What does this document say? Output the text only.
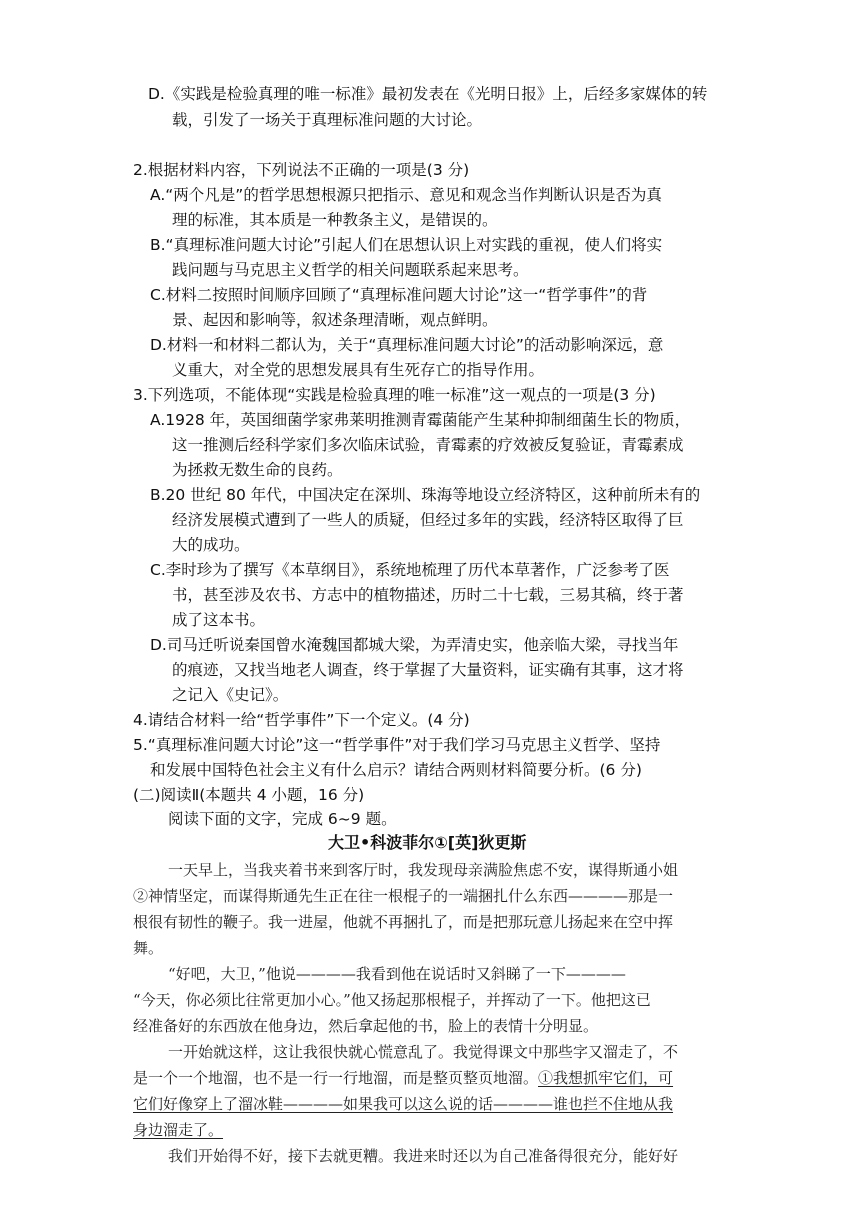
D.《实践是检验真理的唯一标准》最初发表在《光明日报》上，后经多家媒体的转
载，引发了一场关于真理标准问题的大讨论。
2.根据材料内容，下列说法不正确的一项是(3 分)
A.“两个凡是”的哲学思想根源只把指示、意见和观念当作判断认识是否为真
理的标准，其本质是一种教条主义，是错误的。
B.“真理标准问题大讨论”引起人们在思想认识上对实践的重视，使人们将实
践问题与马克思主义哲学的相关问题联系起来思考。
C.材料二按照时间顺序回顾了“真理标准问题大讨论”这一“哲学事件”的背
景、起因和影响等，叙述条理清晰，观点鲜明。
D.材料一和材料二都认为，关于“真理标准问题大讨论”的活动影响深远，意
义重大，对全党的思想发展具有生死存亡的指导作用。
3.下列选项，不能体现“实践是检验真理的唯一标准”这一观点的一项是(3 分)
A.1928 年，英国细菌学家弗莱明推测青霉菌能产生某种抑制细菌生长的物质，
这一推测后经科学家们多次临床试验，青霉素的疗效被反复验证，青霉素成
为拯救无数生命的良药。
B.20 世纪 80 年代，中国决定在深圳、珠海等地设立经济特区，这种前所未有的
经济发展模式遭到了一些人的质疑，但经过多年的实践，经济特区取得了巨
大的成功。
C.李时珍为了撰写《本草纲目》，系统地梳理了历代本草著作，广泛参考了医
书，甚至涉及农书、方志中的植物描述，历时二十七载，三易其稿，终于著
成了这本书。
D.司马迁听说秦国曾水淹魏国都城大梁，为弄清史实，他亲临大梁，寻找当年
的痕迹，又找当地老人调查，终于掌握了大量资料，证实确有其事，这才将
之记入《史记》。
4.请结合材料一给“哲学事件”下一个定义。(4 分)
5.“真理标准问题大讨论”这一“哲学事件”对于我们学习马克思主义哲学、坚持
和发展中国特色社会主义有什么启示？请结合两则材料简要分析。(6 分)
(二)阅读Ⅱ(本题共 4 小题，16 分)
阅读下面的文字，完成 6~9 题。
大卫•科波菲尔①[英]狄更斯
一天早上，当我夹着书来到客厅时，我发现母亲满脸焦虑不安，谋得斯通小姐
②神情坚定，而谋得斯通先生正在往一根棍子的一端捆扎什么东西————那是一
根很有韧性的鞭子。我一进屋，他就不再捆扎了，而是把那玩意儿扬起来在空中挥
舞。
“好吧，大卫，”他说————我看到他在说话时又斜睇了一下————
“今天，你必须比往常更加小心。”他又扬起那根棍子，并挥动了一下。他把这已
经准备好的东西放在他身边，然后拿起他的书，脸上的表情十分明显。
一开始就这样，这让我很快就心慌意乱了。我觉得课文中那些字又溜走了，不
是一个一个地溜，也不是一行一行地溜，而是整页整页地溜。①我想抓牢它们，可
它们好像穿上了溜冰鞋————如果我可以这么说的话————谁也拦不住地从我
身边溜走了。
我们开始得不好，接下去就更糟。我进来时还以为自己准备得很充分，能好好
